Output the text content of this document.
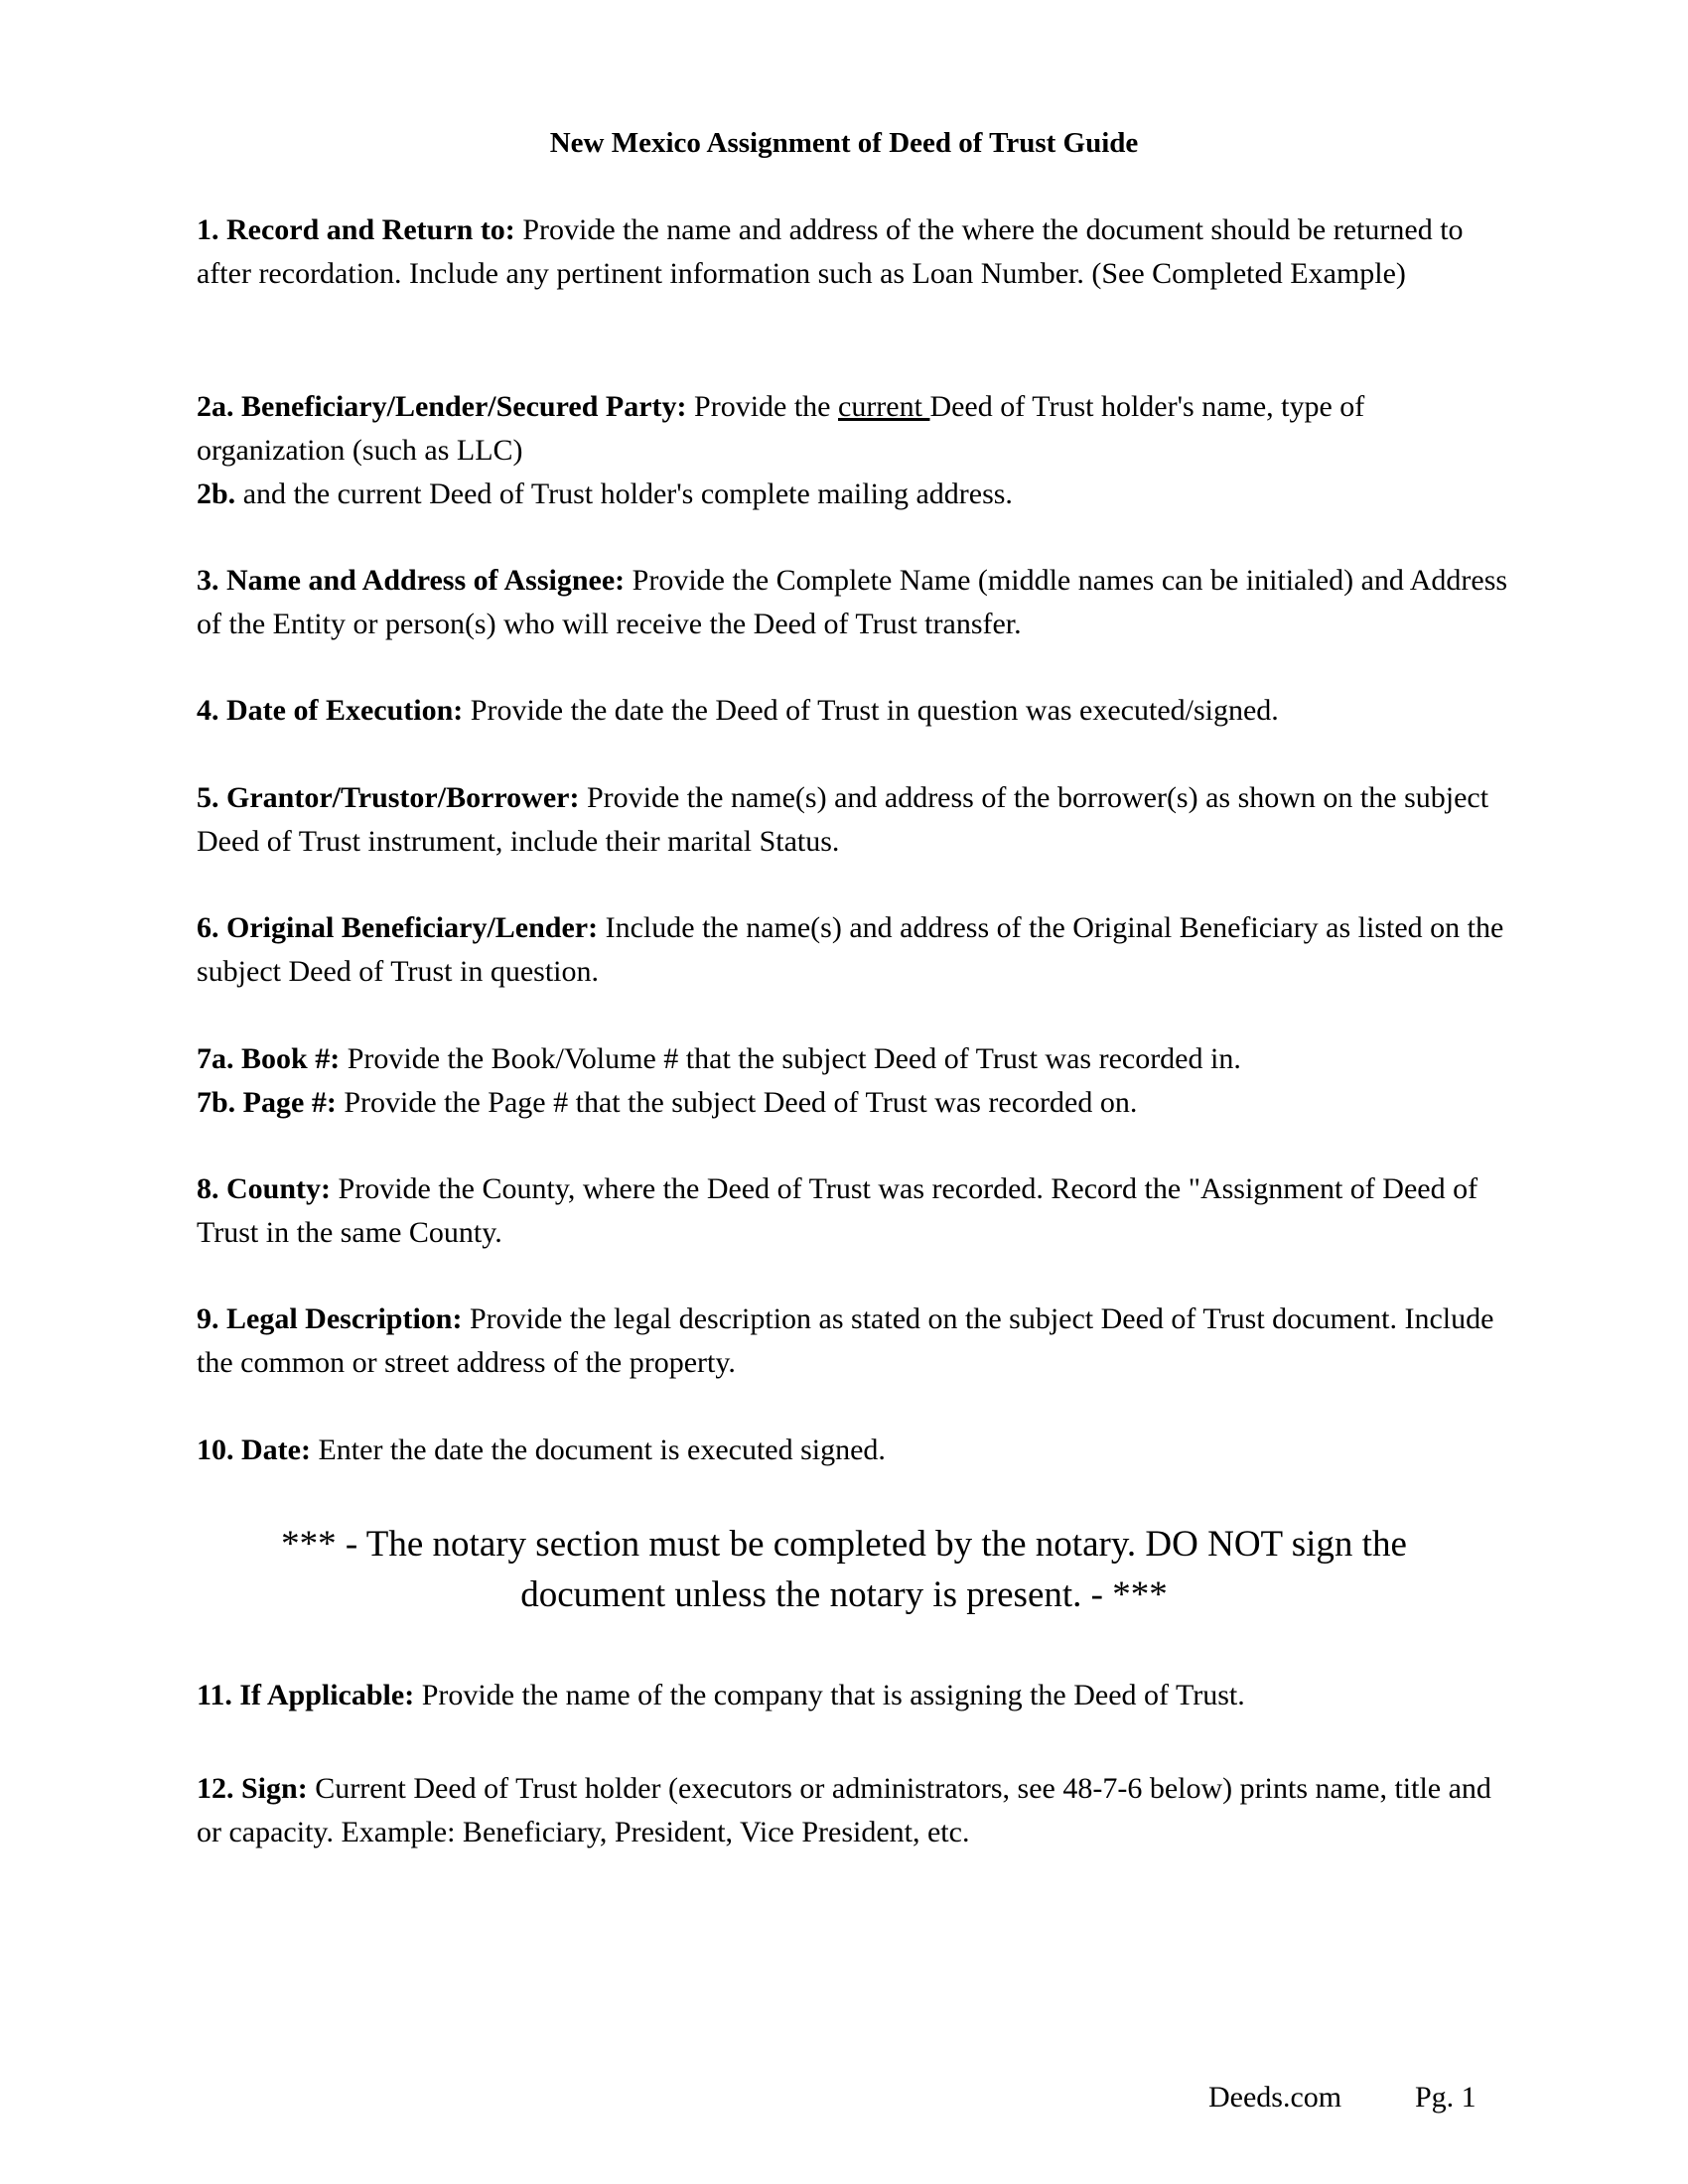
New Mexico Assignment of Deed of Trust Guide

1. Record and Return to: Provide the name and address of the where the document should be returned to after recordation. Include any pertinent information such as Loan Number. (See Completed Example)

2a. Beneficiary/Lender/Secured Party: Provide the current Deed of Trust holder's name, type of organization (such as LLC)

2b. and the current Deed of Trust holder's complete mailing address.

3. Name and Address of Assignee: Provide the Complete Name (middle names can be initialed) and Address of the Entity or person(s) who will receive the Deed of Trust transfer.

4. Date of Execution: Provide the date the Deed of Trust in question was executed/signed.

5. Grantor/Trustor/Borrower: Provide the name(s) and address of the borrower(s) as shown on the subject Deed of Trust instrument, include their marital Status.

6. Original Beneficiary/Lender: Include the name(s) and address of the Original Beneficiary as listed on the subject Deed of Trust in question.

7a. Book #: Provide the Book/Volume # that the subject Deed of Trust was recorded in.

7b. Page #: Provide the Page # that the subject Deed of Trust was recorded on.

8. County: Provide the County, where the Deed of Trust was recorded. Record the "Assignment of Deed of Trust in the same County.

9. Legal Description: Provide the legal description as stated on the subject Deed of Trust document. Include the common or street address of the property.

10. Date: Enter the date the document is executed signed.

*** - The notary section must be completed by the notary. DO NOT sign the
document unless the notary is present. - ***

11. If Applicable: Provide the name of the company that is assigning the Deed of Trust.

12. Sign: Current Deed of Trust holder (executors or administrators, see 48-7-6 below) prints name, title and or capacity. Example: Beneficiary, President, Vice President, etc.

Deeds.com Pg. 1
